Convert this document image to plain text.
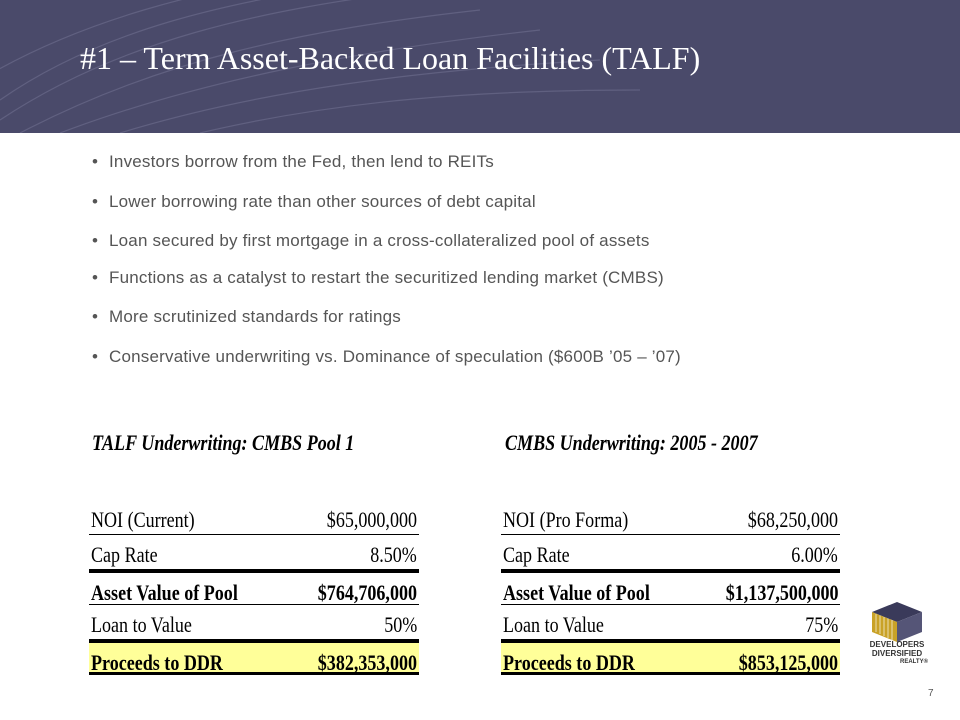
#1 – Term Asset-Backed Loan Facilities (TALF)
• Investors borrow from the Fed, then lend to REITs
• Lower borrowing rate than other sources of debt capital
• Loan secured by first mortgage in a cross-collateralized pool of assets
• Functions as a catalyst to restart the securitized lending market (CMBS)
• More scrutinized standards for ratings
• Conservative underwriting vs. Dominance of speculation ($600B ’05 – ’07)
TALF Underwriting: CMBS Pool 1
NOI (Current)	$65,000,000
Cap Rate	8.50%
Asset Value of Pool	$764,706,000
Loan to Value	50%
Proceeds to DDR	$382,353,000
CMBS Underwriting: 2005 - 2007
NOI (Pro Forma)	$68,250,000
Cap Rate	6.00%
Asset Value of Pool	$1,137,500,000
Loan to Value	75%
Proceeds to DDR	$853,125,000
DEVELOPERS
DIVERSIFIED
REALTY®
7
